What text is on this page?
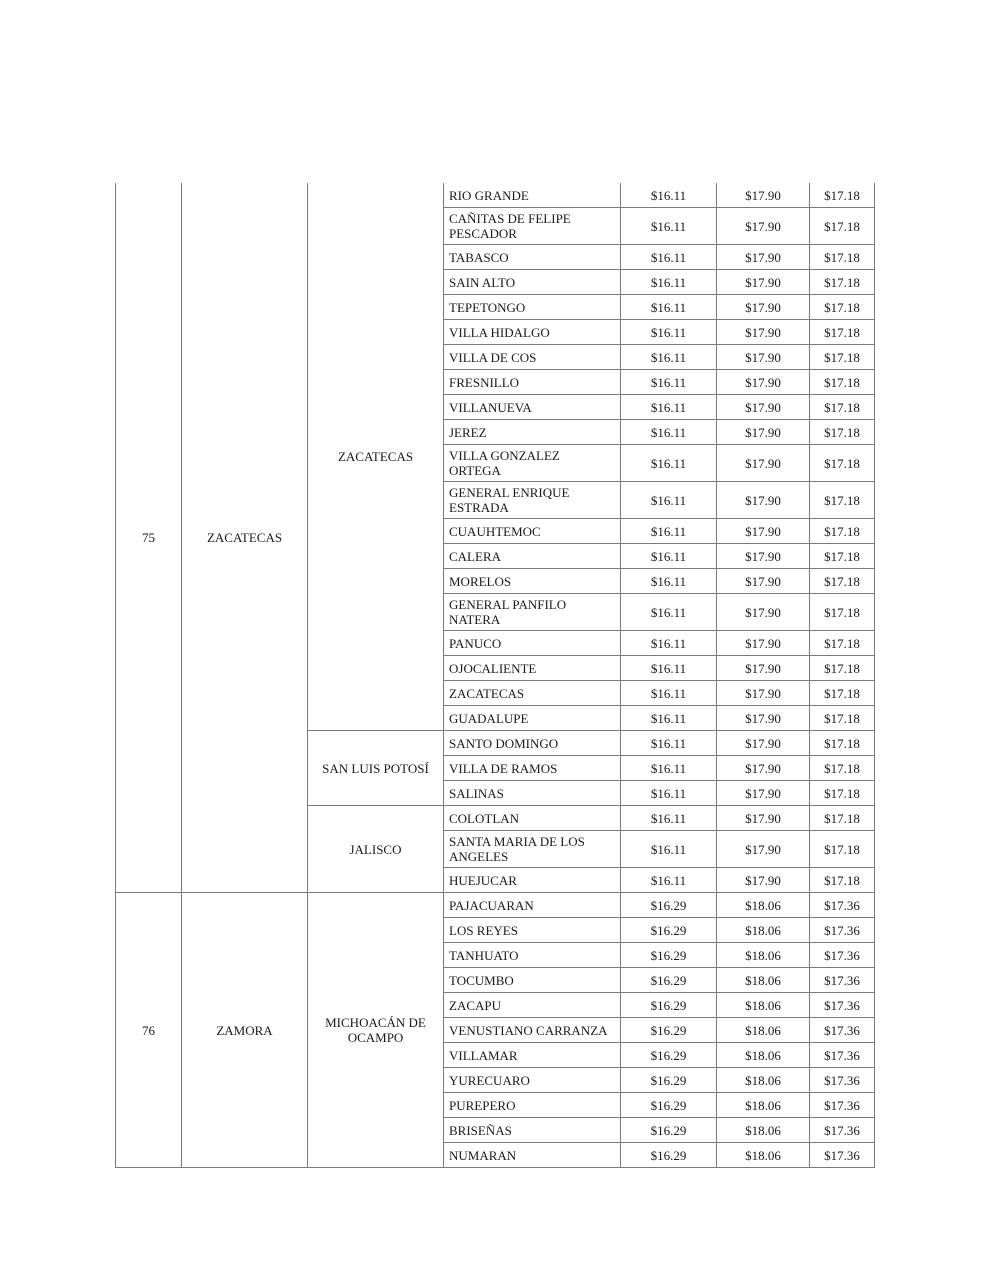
75	ZACATECAS	ZACATECAS	RIO GRANDE	$16.11	$17.90	$17.18
			CAÑITAS DE FELIPE PESCADOR	$16.11	$17.90	$17.18
			TABASCO	$16.11	$17.90	$17.18
			SAIN ALTO	$16.11	$17.90	$17.18
			TEPETONGO	$16.11	$17.90	$17.18
			VILLA HIDALGO	$16.11	$17.90	$17.18
			VILLA DE COS	$16.11	$17.90	$17.18
			FRESNILLO	$16.11	$17.90	$17.18
			VILLANUEVA	$16.11	$17.90	$17.18
			JEREZ	$16.11	$17.90	$17.18
			VILLA GONZALEZ ORTEGA	$16.11	$17.90	$17.18
			GENERAL ENRIQUE ESTRADA	$16.11	$17.90	$17.18
			CUAUHTEMOC	$16.11	$17.90	$17.18
			CALERA	$16.11	$17.90	$17.18
			MORELOS	$16.11	$17.90	$17.18
			GENERAL PANFILO NATERA	$16.11	$17.90	$17.18
			PANUCO	$16.11	$17.90	$17.18
			OJOCALIENTE	$16.11	$17.90	$17.18
			ZACATECAS	$16.11	$17.90	$17.18
			GUADALUPE	$16.11	$17.90	$17.18
		SAN LUIS POTOSÍ	SANTO DOMINGO	$16.11	$17.90	$17.18
			VILLA DE RAMOS	$16.11	$17.90	$17.18
			SALINAS	$16.11	$17.90	$17.18
		JALISCO	COLOTLAN	$16.11	$17.90	$17.18
			SANTA MARIA DE LOS ANGELES	$16.11	$17.90	$17.18
			HUEJUCAR	$16.11	$17.90	$17.18
76	ZAMORA	MICHOACÁN DE OCAMPO	PAJACUARAN	$16.29	$18.06	$17.36
			LOS REYES	$16.29	$18.06	$17.36
			TANHUATO	$16.29	$18.06	$17.36
			TOCUMBO	$16.29	$18.06	$17.36
			ZACAPU	$16.29	$18.06	$17.36
			VENUSTIANO CARRANZA	$16.29	$18.06	$17.36
			VILLAMAR	$16.29	$18.06	$17.36
			YURECUARO	$16.29	$18.06	$17.36
			PUREPERO	$16.29	$18.06	$17.36
			BRISEÑAS	$16.29	$18.06	$17.36
			NUMARAN	$16.29	$18.06	$17.36
